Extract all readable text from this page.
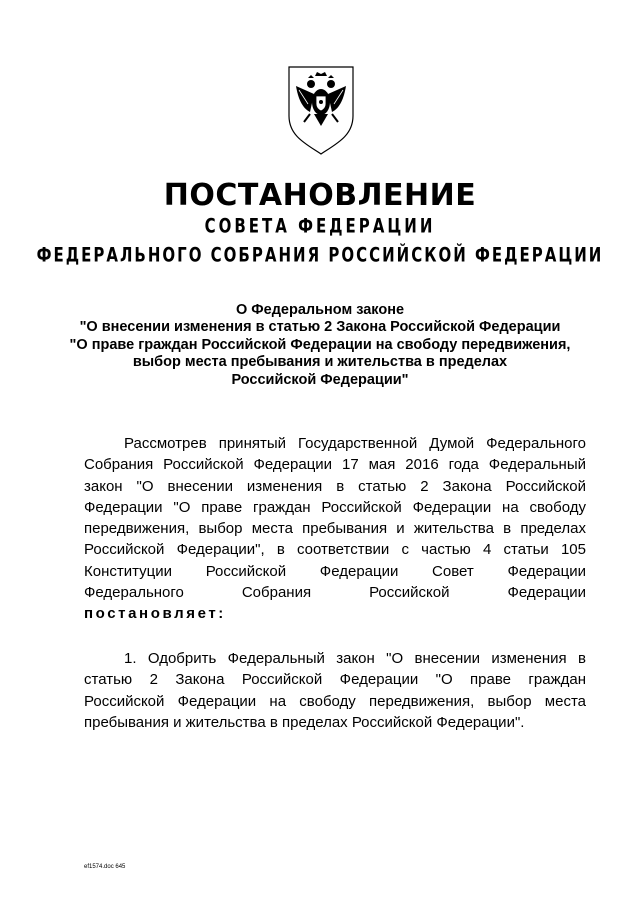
ПОСТАНОВЛЕНИЕ
СОВЕТА ФЕДЕРАЦИИ
ФЕДЕРАЛЬНОГО СОБРАНИЯ РОССИЙСКОЙ ФЕДЕРАЦИИ
О Федеральном законе
"О внесении изменения в статью 2 Закона Российской Федерации
"О праве граждан Российской Федерации на свободу передвижения,
выбор места пребывания и жительства в пределах
Российской Федерации"
Рассмотрев принятый Государственной Думой Федерального
Собрания Российской Федерации 17 мая 2016 года Федеральный
закон "О внесении изменения в статью 2 Закона Российской
Федерации "О праве граждан Российской Федерации на свободу
передвижения, выбор места пребывания и жительства в пределах
Российской Федерации", в соответствии с частью 4 статьи 105
Конституции Российской Федерации Совет Федерации
Федерального Собрания Российской Федерации
постановляет:
1. Одобрить Федеральный закон "О внесении изменения в
статью 2 Закона Российской Федерации "О праве граждан
Российской Федерации на свободу передвижения, выбор места
пребывания и жительства в пределах Российской Федерации".
ef1574.doc 645
